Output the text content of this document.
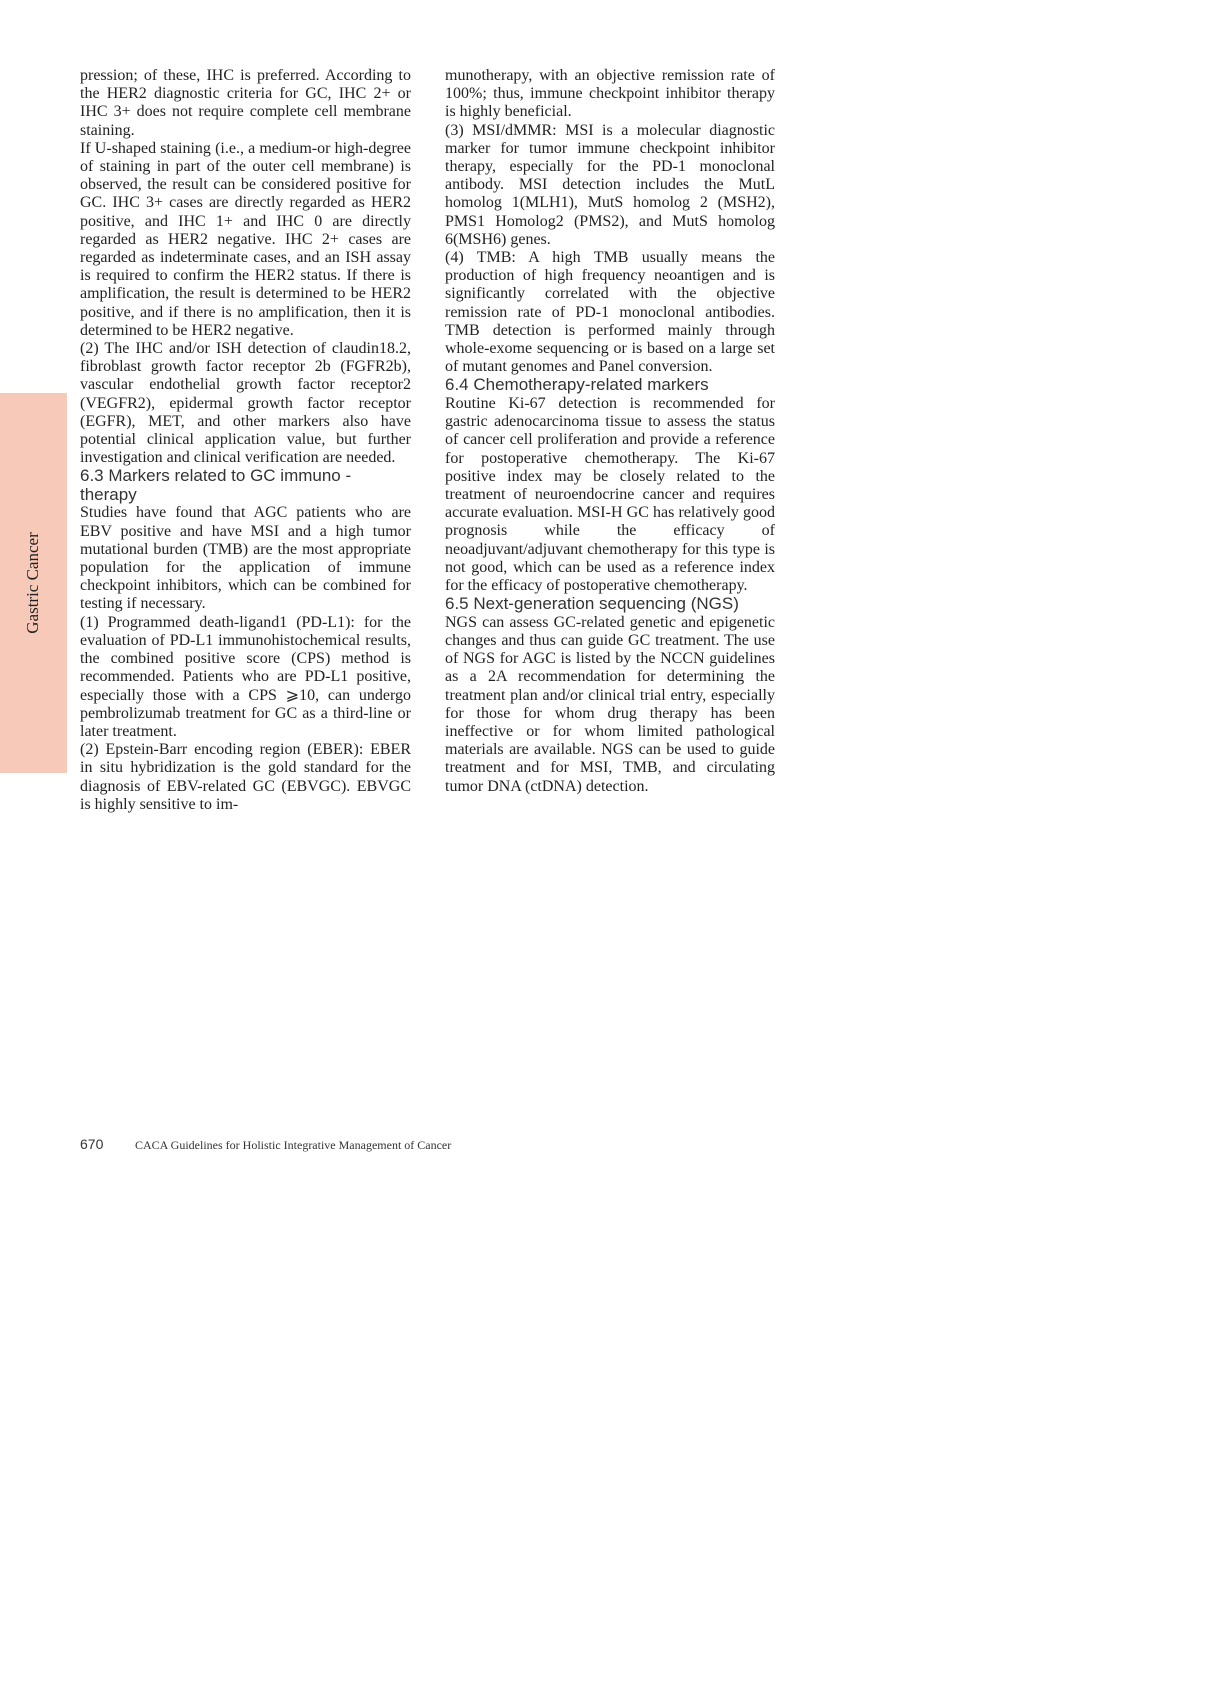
Gastric Cancer

pression; of these, IHC is preferred. According to the HER2 diagnostic criteria for GC, IHC 2+ or IHC 3+ does not require complete cell membrane staining.

If U-shaped staining (i.e., a medium-or high-degree of staining in part of the outer cell membrane) is observed, the result can be considered positive for GC. IHC 3+ cases are directly regarded as HER2 positive, and IHC 1+ and IHC 0 are directly regarded as HER2 negative. IHC 2+ cases are regarded as indeterminate cases, and an ISH assay is required to confirm the HER2 status. If there is amplification, the result is determined to be HER2 positive, and if there is no amplification, then it is determined to be HER2 negative.

(2) The IHC and/or ISH detection of claudin18.2, fibroblast growth factor receptor 2b (FGFR2b), vascular endothelial growth factor receptor2 (VEGFR2), epidermal growth factor receptor (EGFR), MET, and other markers also have potential clinical application value, but further investigation and clinical verification are needed.

6.3 Markers related to GC immuno - therapy

Studies have found that AGC patients who are EBV positive and have MSI and a high tumor mutational burden (TMB) are the most appropriate population for the application of immune checkpoint inhibitors, which can be combined for testing if necessary.

(1) Programmed death-ligand1 (PD-L1): for the evaluation of PD-L1 immunohistochemical results, the combined positive score (CPS) method is recommended. Patients who are PD-L1 positive, especially those with a CPS ⩾10, can undergo pembrolizumab treatment for GC as a third-line or later treatment.

(2) Epstein-Barr encoding region (EBER): EBER in situ hybridization is the gold standard for the diagnosis of EBV-related GC (EBVGC). EBVGC is highly sensitive to im-

munotherapy, with an objective remission rate of 100%; thus, immune checkpoint inhibitor therapy is highly beneficial.

(3) MSI/dMMR: MSI is a molecular diagnostic marker for tumor immune checkpoint inhibitor therapy, especially for the PD-1 monoclonal antibody. MSI detection includes the MutL homolog 1(MLH1), MutS homolog 2 (MSH2), PMS1 Homolog2 (PMS2), and MutS homolog 6(MSH6) genes.

(4) TMB: A high TMB usually means the production of high frequency neoantigen and is significantly correlated with the objective remission rate of PD-1 monoclonal antibodies. TMB detection is performed mainly through whole-exome sequencing or is based on a large set of mutant genomes and Panel conversion.

6.4 Chemotherapy-related markers

Routine Ki-67 detection is recommended for gastric adenocarcinoma tissue to assess the status of cancer cell proliferation and provide a reference for postoperative chemotherapy. The Ki-67 positive index may be closely related to the treatment of neuroendocrine cancer and requires accurate evaluation. MSI-H GC has relatively good prognosis while the efficacy of neoadjuvant/adjuvant chemotherapy for this type is not good, which can be used as a reference index for the efficacy of postoperative chemotherapy.

6.5 Next-generation sequencing (NGS)

NGS can assess GC-related genetic and epigenetic changes and thus can guide GC treatment. The use of NGS for AGC is listed by the NCCN guidelines as a 2A recommendation for determining the treatment plan and/or clinical trial entry, especially for those for whom drug therapy has been ineffective or for whom limited pathological materials are available. NGS can be used to guide treatment and for MSI, TMB, and circulating tumor DNA (ctDNA) detection.

670	CACA Guidelines for Holistic Integrative Management of Cancer
